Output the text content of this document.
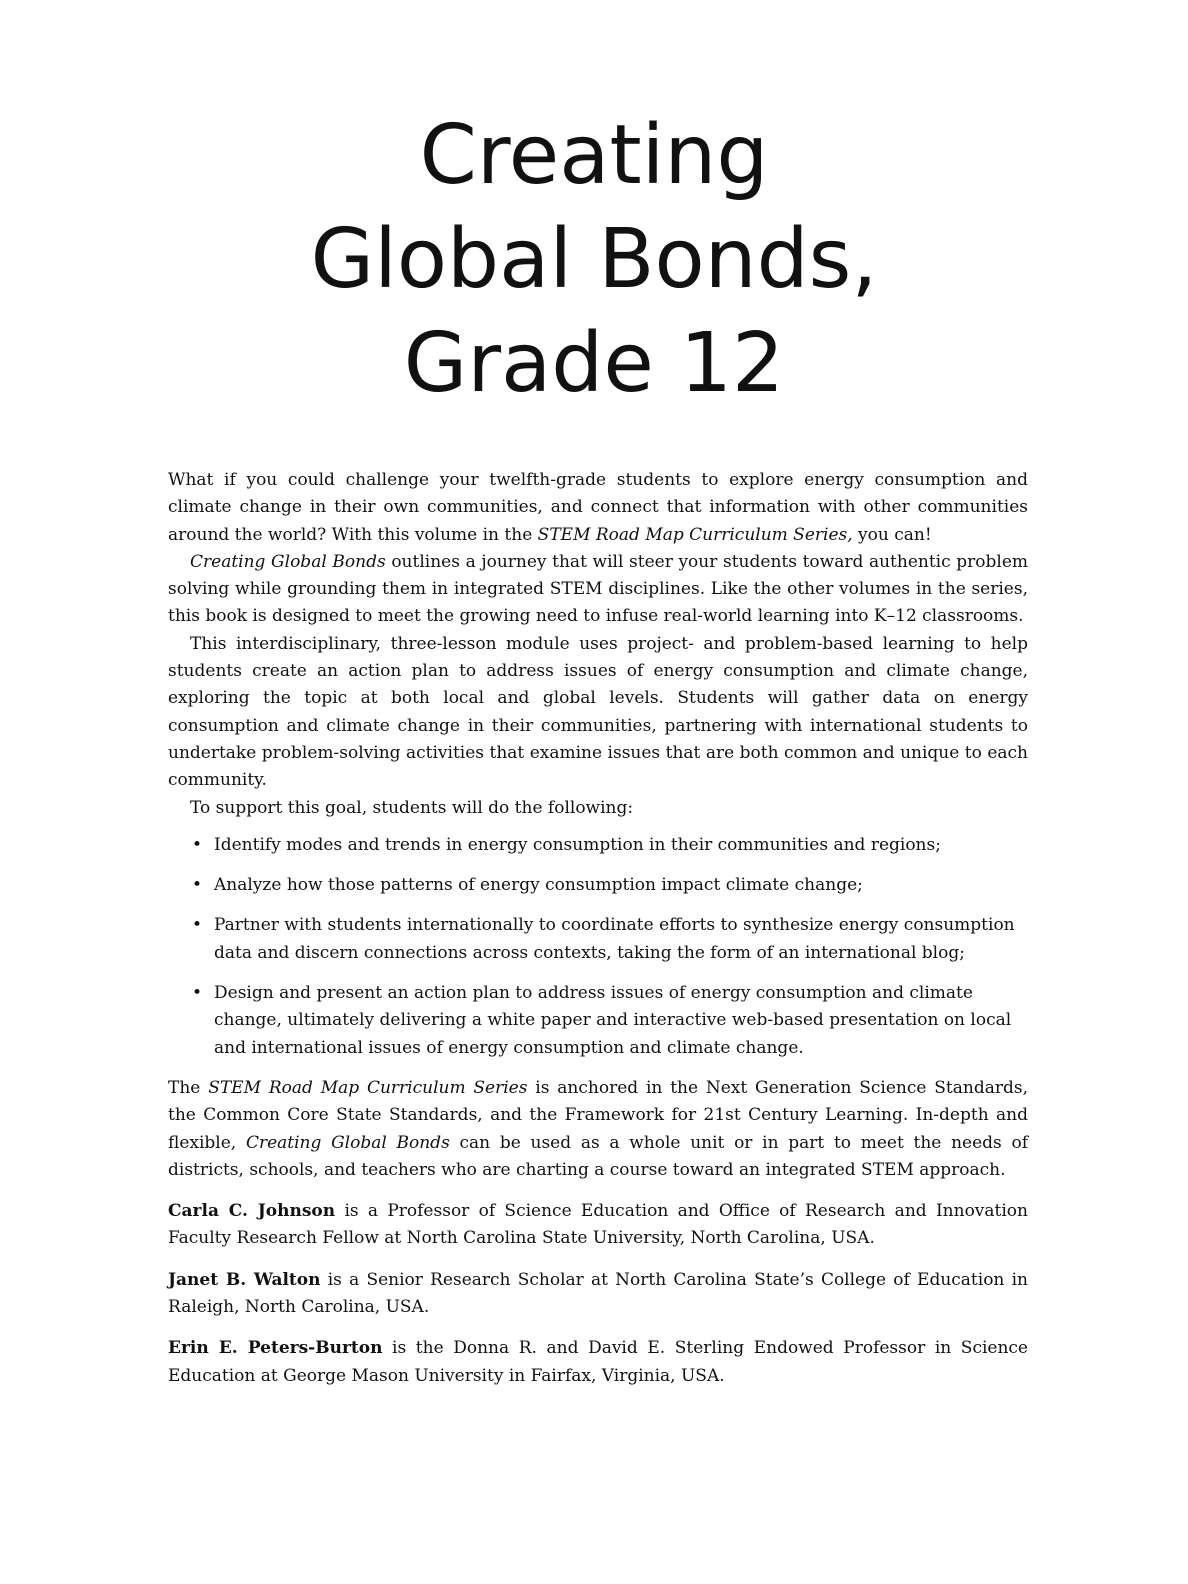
Creating
Global Bonds,
Grade 12

What if you could challenge your twelfth-grade students to explore energy consumption and climate change in their own communities, and connect that information with other communities around the world? With this volume in the STEM Road Map Curriculum Series, you can!

Creating Global Bonds outlines a journey that will steer your students toward authentic problem solving while grounding them in integrated STEM disciplines. Like the other volumes in the series, this book is designed to meet the growing need to infuse real-world learning into K–12 classrooms.

This interdisciplinary, three-lesson module uses project- and problem-based learning to help students create an action plan to address issues of energy consumption and climate change, exploring the topic at both local and global levels. Students will gather data on energy consumption and climate change in their communities, partnering with international students to undertake problem-solving activities that examine issues that are both common and unique to each community.

To support this goal, students will do the following:

• Identify modes and trends in energy consumption in their communities and regions;
• Analyze how those patterns of energy consumption impact climate change;
• Partner with students internationally to coordinate efforts to synthesize energy consumption data and discern connections across contexts, taking the form of an international blog;
• Design and present an action plan to address issues of energy consumption and climate change, ultimately delivering a white paper and interactive web-based presentation on local and international issues of energy consumption and climate change.

The STEM Road Map Curriculum Series is anchored in the Next Generation Science Standards, the Common Core State Standards, and the Framework for 21st Century Learning. In-depth and flexible, Creating Global Bonds can be used as a whole unit or in part to meet the needs of districts, schools, and teachers who are charting a course toward an integrated STEM approach.

Carla C. Johnson is a Professor of Science Education and Office of Research and Innovation Faculty Research Fellow at North Carolina State University, North Carolina, USA.

Janet B. Walton is a Senior Research Scholar at North Carolina State’s College of Education in Raleigh, North Carolina, USA.

Erin E. Peters-Burton is the Donna R. and David E. Sterling Endowed Professor in Science Education at George Mason University in Fairfax, Virginia, USA.
